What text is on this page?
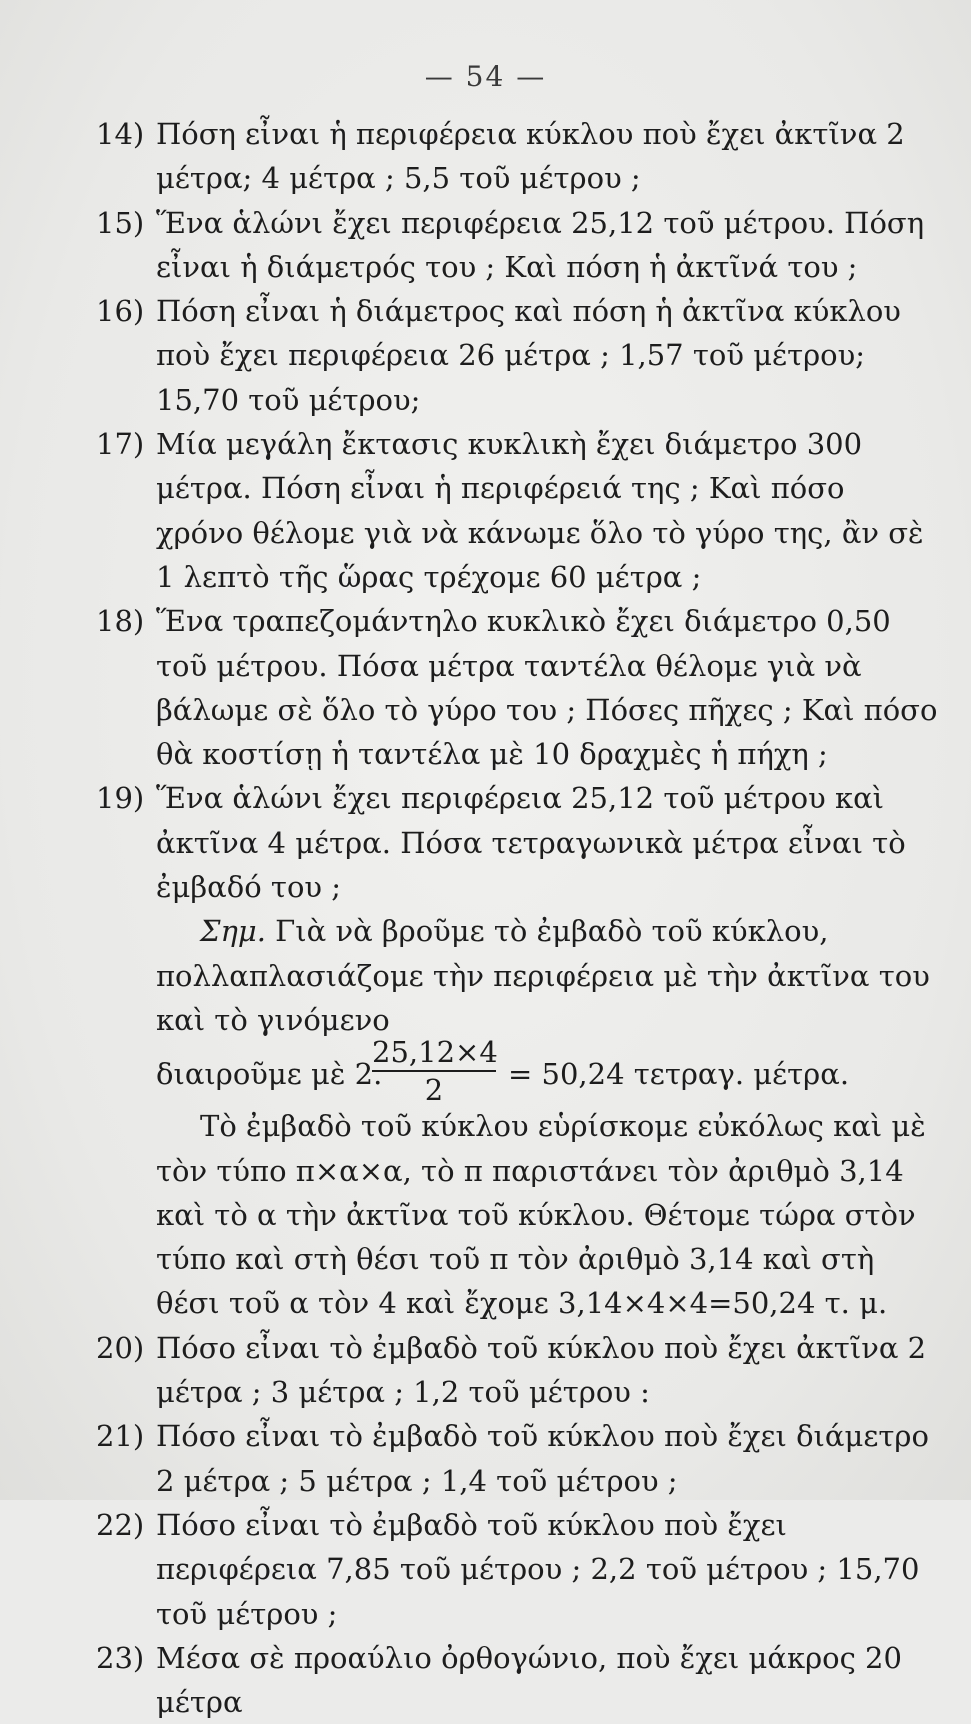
— 54 —

14) Πόση εἶναι ἡ περιφέρεια κύκλου ποὺ ἔχει ἀκτῖνα 2 μέτρα; 4 μέτρα ; 5,5 τοῦ μέτρου ;

15) Ἕνα ἁλώνι ἔχει περιφέρεια 25,12 τοῦ μέτρου. Πόση εἶναι ἡ διάμετρός του ; Καὶ πόση ἡ ἀκτῖνά του ;

16) Πόση εἶναι ἡ διάμετρος καὶ πόση ἡ ἀκτῖνα κύκλου ποὺ ἔχει περιφέρεια 26 μέτρα ; 1,57 τοῦ μέτρου; 15,70 τοῦ μέτρου;

17) Μία μεγάλη ἔκτασις κυκλικὴ ἔχει διάμετρο 300 μέτρα. Πόση εἶναι ἡ περιφέρειά της ; Καὶ πόσο χρόνο θέλομε γιὰ νὰ κάνωμε ὅλο τὸ γύρο της, ἂν σὲ 1 λεπτὸ τῆς ὥρας τρέχομε 60 μέτρα ;

18) Ἕνα τραπεζομάντηλο κυκλικὸ ἔχει διάμετρο 0,50 τοῦ μέτρου. Πόσα μέτρα ταντέλα θέλομε γιὰ νὰ βάλωμε σὲ ὅλο τὸ γύρο του ; Πόσες πῆχες ; Καὶ πόσο θὰ κοστίσῃ ἡ ταντέλα μὲ 10 δραχμὲς ἡ πήχη ;

19) Ἕνα ἁλώνι ἔχει περιφέρεια 25,12 τοῦ μέτρου καὶ ἀκτῖνα 4 μέτρα. Πόσα τετραγωνικὰ μέτρα εἶναι τὸ ἐμβαδό του ;

Σημ. Γιὰ νὰ βροῦμε τὸ ἐμβαδὸ τοῦ κύκλου, πολλαπλασιάζομε τὴν περιφέρεια μὲ τὴν ἀκτῖνα του καὶ τὸ γινόμενο

διαιροῦμε μὲ 2.
$\frac{25,12\times 4}{2} = 50,24$ τετραγ. μέτρα.

Τὸ ἐμβαδὸ τοῦ κύκλου εὑρίσκομε εὐκόλως καὶ μὲ τὸν τύπο π×α×α, τὸ π παριστάνει τὸν ἀριθμὸ 3,14 καὶ τὸ α τὴν ἀκτῖνα τοῦ κύκλου. Θέτομε τώρα στὸν τύπο καὶ στὴ θέσι τοῦ π τὸν ἀριθμὸ 3,14 καὶ στὴ θέσι τοῦ α τὸν 4 καὶ ἔχομε 3,14×4×4=50,24 τ. μ.

20) Πόσο εἶναι τὸ ἐμβαδὸ τοῦ κύκλου ποὺ ἔχει ἀκτῖνα 2 μέτρα ; 3 μέτρα ; 1,2 τοῦ μέτρου :

21) Πόσο εἶναι τὸ ἐμβαδὸ τοῦ κύκλου ποὺ ἔχει διάμετρο 2 μέτρα ; 5 μέτρα ; 1,4 τοῦ μέτρου ;

22) Πόσο εἶναι τὸ ἐμβαδὸ τοῦ κύκλου ποὺ ἔχει περιφέρεια 7,85 τοῦ μέτρου ; 2,2 τοῦ μέτρου ; 15,70 τοῦ μέτρου ;

23) Μέσα σὲ προαύλιο ὀρθογώνιο, ποὺ ἔχει μάκρος 20 μέτρα
